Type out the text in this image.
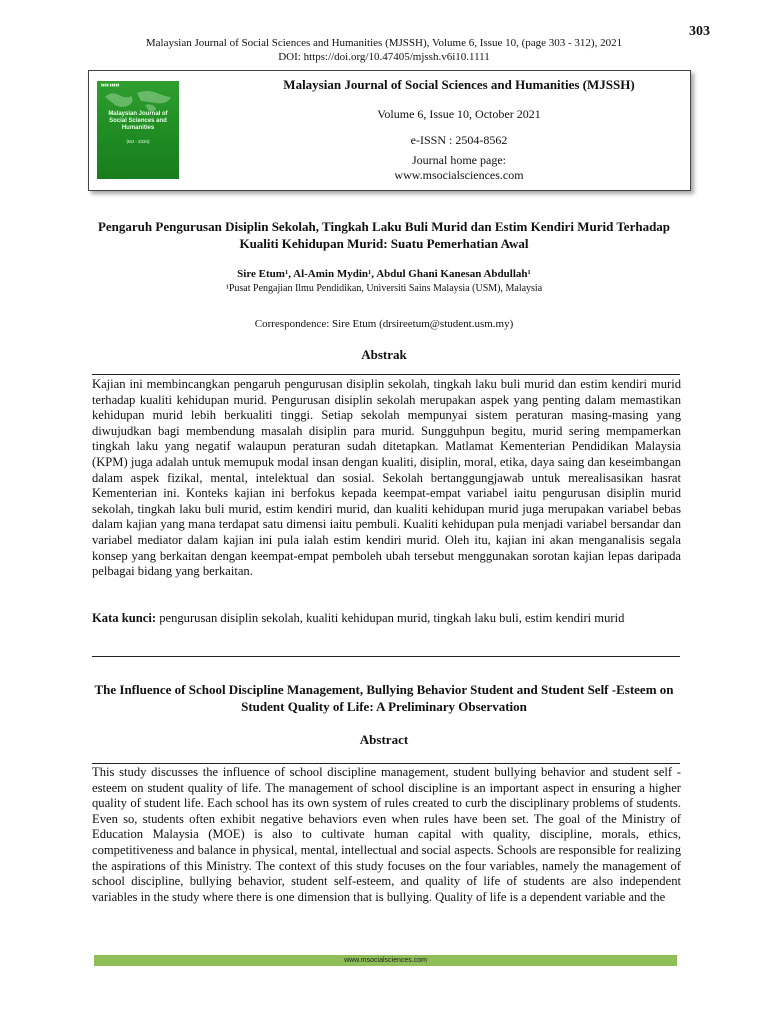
303
Malaysian Journal of Social Sciences and Humanities (MJSSH), Volume 6, Issue 10, (page 303 - 312), 2021
DOI: https://doi.org/10.47405/mjssh.v6i10.1111
▮▮▮▮ ▮▮▮▮▮
Malaysian Journal of Social Sciences and Humanities
(MJ - 2334)
Malaysian Journal of Social Sciences and Humanities (MJSSH)
Volume 6, Issue 10, October 2021
e-ISSN : 2504-8562
Journal home page:
www.msocialsciences.com
Pengaruh Pengurusan Disiplin Sekolah, Tingkah Laku Buli Murid dan Estim Kendiri Murid Terhadap Kualiti Kehidupan Murid: Suatu Pemerhatian Awal
Sire Etum¹, Al-Amin Mydin¹, Abdul Ghani Kanesan Abdullah¹
¹Pusat Pengajian Ilmu Pendidikan, Universiti Sains Malaysia (USM), Malaysia
Correspondence: Sire Etum (drsireetum@student.usm.my)
Abstrak
Kajian ini membincangkan pengaruh pengurusan disiplin sekolah, tingkah laku buli murid dan estim kendiri murid terhadap kualiti kehidupan murid. Pengurusan disiplin sekolah merupakan aspek yang penting dalam memastikan kehidupan murid lebih berkualiti tinggi. Setiap sekolah mempunyai sistem peraturan masing-masing yang diwujudkan bagi membendung masalah disiplin para murid. Sungguhpun begitu, murid sering mempamerkan tingkah laku yang negatif walaupun peraturan sudah ditetapkan. Matlamat Kementerian Pendidikan Malaysia (KPM) juga adalah untuk memupuk modal insan dengan kualiti, disiplin, moral, etika, daya saing dan keseimbangan dalam aspek fizikal, mental, intelektual dan sosial. Sekolah bertanggungjawab untuk merealisasikan hasrat Kementerian ini. Konteks kajian ini berfokus kepada keempat-empat variabel iaitu pengurusan disiplin murid sekolah, tingkah laku buli murid, estim kendiri murid, dan kualiti kehidupan murid juga merupakan variabel bebas dalam kajian yang mana terdapat satu dimensi iaitu pembuli. Kualiti kehidupan pula menjadi variabel bersandar dan variabel mediator dalam kajian ini pula ialah estim kendiri murid. Oleh itu, kajian ini akan menganalisis segala konsep yang berkaitan dengan keempat-empat pemboleh ubah tersebut menggunakan sorotan kajian lepas daripada pelbagai bidang yang berkaitan.
Kata kunci: pengurusan disiplin sekolah, kualiti kehidupan murid, tingkah laku buli, estim kendiri murid
The Influence of School Discipline Management, Bullying Behavior Student and Student Self -Esteem on Student Quality of Life: A Preliminary Observation
Abstract
This study discusses the influence of school discipline management, student bullying behavior and student self -esteem on student quality of life. The management of school discipline is an important aspect in ensuring a higher quality of student life. Each school has its own system of rules created to curb the disciplinary problems of students. Even so, students often exhibit negative behaviors even when rules have been set. The goal of the Ministry of Education Malaysia (MOE) is also to cultivate human capital with quality, discipline, morals, ethics, competitiveness and balance in physical, mental, intellectual and social aspects. Schools are responsible for realizing the aspirations of this Ministry. The context of this study focuses on the four variables, namely the management of school discipline, bullying behavior, student self-esteem, and quality of life of students are also independent variables in the study where there is one dimension that is bullying. Quality of life is a dependent variable and the
www.msocialsciences.com
